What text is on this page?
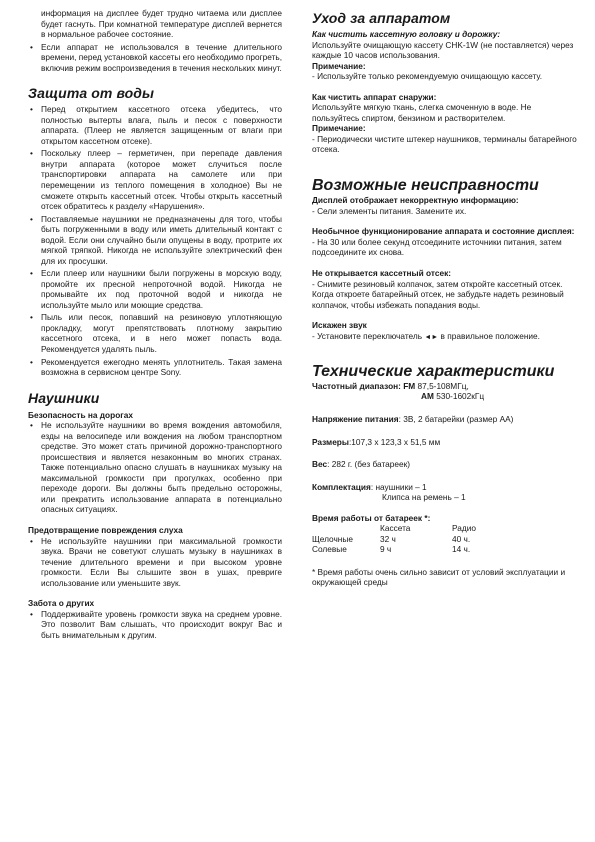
информация на дисплее будет трудно читаема или дисплее будет гаснуть. При комнатной температуре дисплей вернется в нормальное рабочее состояние.

• Если аппарат не использовался в течение длительного времени, перед установкой кассеты его необходимо прогреть, включив режим воспроизведения в течения нескольких минут.
Защита от воды
• Перед открытием кассетного отсека убедитесь, что полностью вытерты влага, пыль и песок с поверхности аппарата. (Плеер не является защищенным от влаги при открытом кассетном отсеке).
• Поскольку плеер – герметичен, при перепаде давления внутри аппарата (которое может случиться после транспортировки аппарата на самолете или при перемещении из теплого помещения в холодное) Вы не сможете открыть кассетный отсек. Чтобы открыть кассетный отсек обратитесь к разделу «Нарушения».
• Поставляемые наушники не предназначены для того, чтобы быть погруженными в воду или иметь длительный контакт с водой. Если они случайно были опущены в воду, протрите их мягкой тряпкой. Никогда не используйте электрический фен для их просушки.
• Если плеер или наушники были погружены в морскую воду, промойте их пресной непроточной водой. Никогда не промывайте их под проточной водой и никогда не используйте мыло или моющие средства.
• Пыль или песок, попавший на резиновую уплотняющую прокладку, могут препятствовать плотному закрытию кассетного отсека, и в него может попасть вода. Рекомендуется удалять пыль.
• Рекомендуется ежегодно менять уплотнитель. Такая замена возможна в сервисном центре Sony.
Наушники
Безопасность на дорогах
• Не используйте наушники во время вождения автомобиля, езды на велосипеде или вождения на любом транспортном средстве. Это может стать причиной дорожно-транспортного происшествия и является незаконным во многих странах. Также потенциально опасно слушать в наушниках музыку на максимальной громкости при прогулках, особенно при переходе дороги. Вы должны быть предельно осторожны, или прекратить использование аппарата в потенциально опасных ситуациях.
Предотвращение повреждения слуха
• Не используйте наушники при максимальной громкости звука. Врачи не советуют слушать музыку в наушниках в течение длительного времени и при высоком уровне громкости. Если Вы слышите звон в ушах, превриге использование или уменьшите звук.
Забота о других
• Поддерживайте уровень громкости звука на среднем уровне. Это позволит Вам слышать, что происходит вокруг Вас и быть внимательным к другим.
Уход за аппаратом
Как чистить кассетную головку и дорожку:

Используйте очищающую кассету CHK-1W (не поставляется) через каждые 10 часов использования.

Примечание:

- Используйте только рекомендуемую очищающую кассету.

Как чистить аппарат снаружи:

Используйте мягкую ткань, слегка смоченную в воде. Не пользуйтесь спиртом, бензином и растворителем.

Примечание:

- Периодически чистите штекер наушников, терминалы батарейного отсека.

Возможные неисправности
Дисплей отображает некорректную информацию:

- Сели элементы питания. Замените их.

Необычное функционирование аппарата и состояние дисплея:

- На 30 или более секунд отсоедините источники питания, затем подсоедините их снова.

Не открывается кассетный отсек:

- Снимите резиновый колпачок, затем откройте кассетный отсек. Когда откроете батарейный отсек, не забудьте надеть резиновый колпачок, чтобы избежать попадания воды.

Искажен звук

- Установите переключатель ◄► в правильное положение.

Технические характеристики
Частотный диапазон: FM 87,5-108МГц,
AM 530-1602кГц
Напряжение питания: 3В, 2 батарейки (размер АА)
Размеры:107,3 х 123,3 х 51,5 мм
Вес: 282 г. (без батареек)
Комплектация: наушники – 1
Клипса на ремень – 1
Время работы от батареек *:
	Кассета	Радио
Щелочные	32 ч	40 ч.
Солевые	9 ч	14 ч.

* Время работы очень сильно зависит от условий эксплуатации и окружающей среды
